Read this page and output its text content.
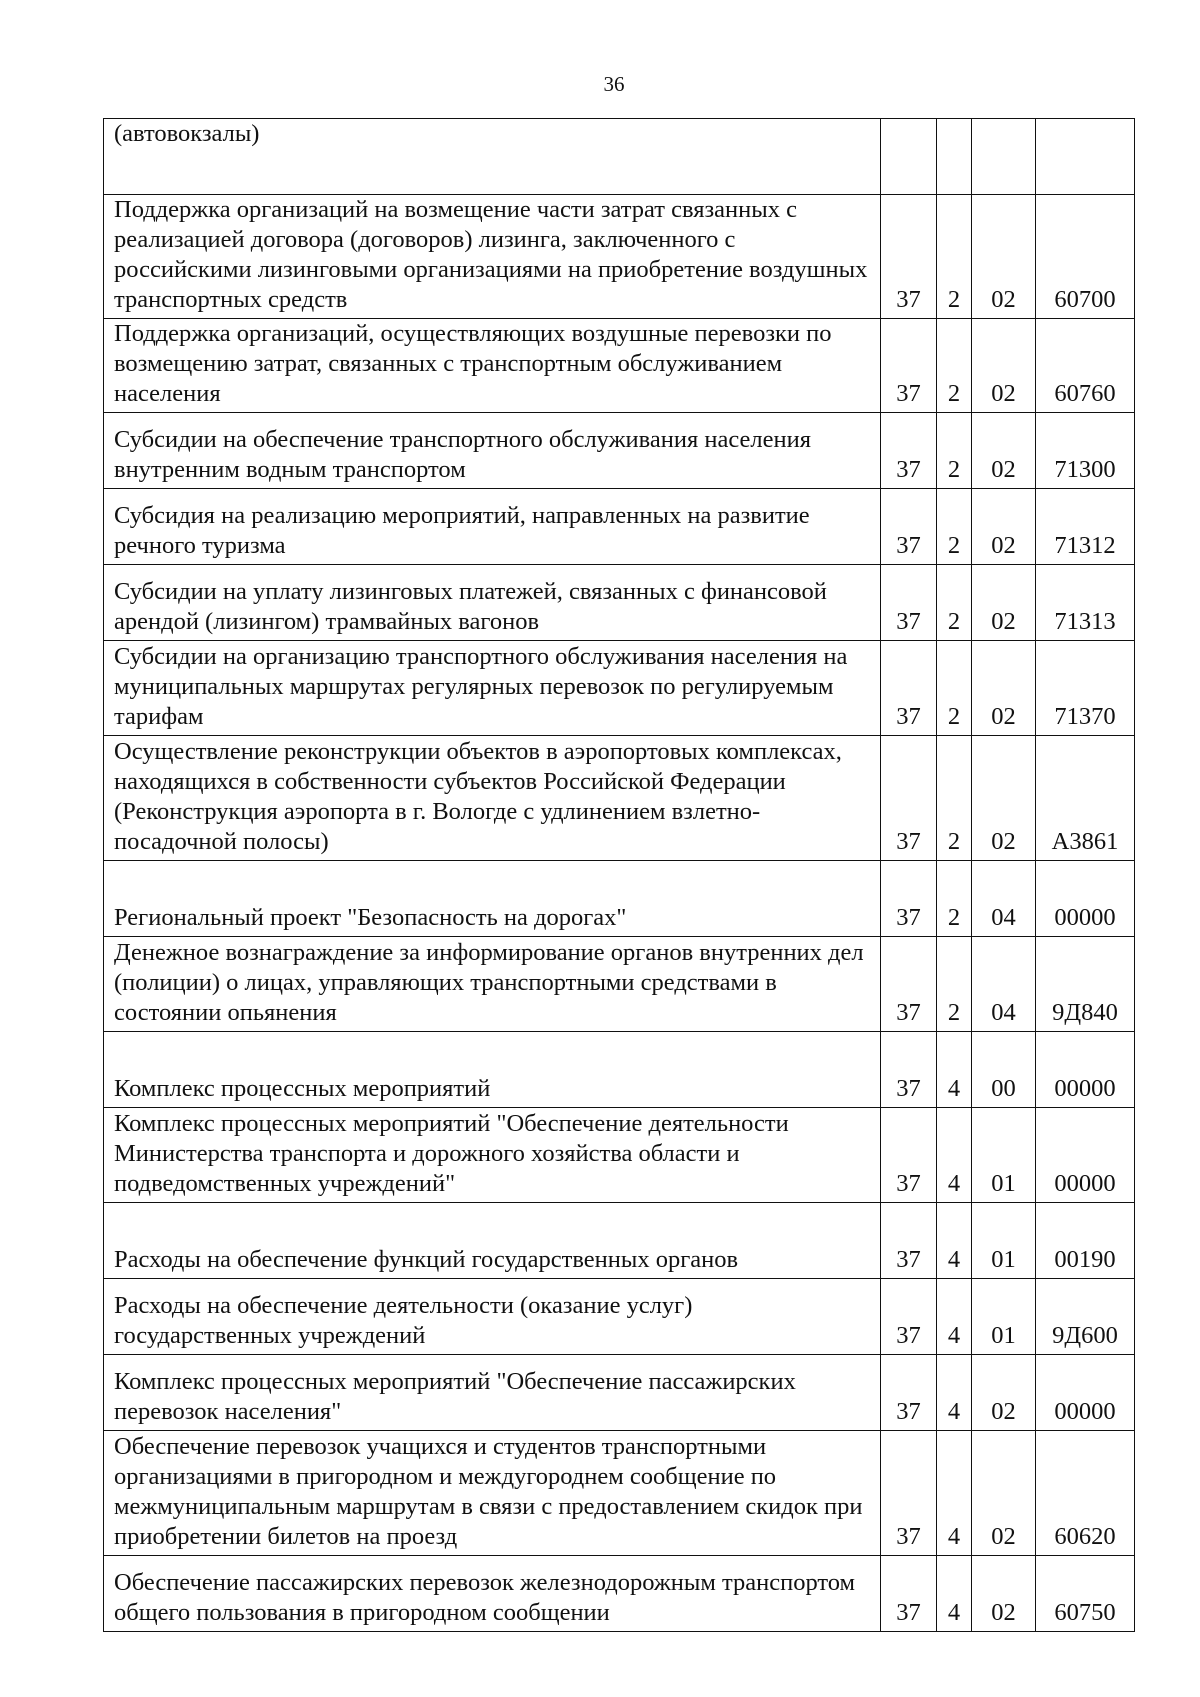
36
(автовокзалы)				
Поддержка организаций на возмещение части затрат связанных с реализацией договора (договоров) лизинга, заключенного с российскими лизинговыми организациями на приобретение воздушных транспортных средств	37	2	02	60700
Поддержка организаций, осуществляющих воздушные перевозки по возмещению затрат, связанных с транспортным обслуживанием населения	37	2	02	60760
Субсидии на обеспечение транспортного обслуживания населения внутренним водным транспортом	37	2	02	71300
Субсидия на реализацию мероприятий, направленных на развитие речного туризма	37	2	02	71312
Субсидии на уплату лизинговых платежей, связанных с финансовой арендой (лизингом) трамвайных вагонов	37	2	02	71313
Субсидии на организацию транспортного обслуживания населения на муниципальных маршрутах регулярных перевозок по регулируемым тарифам	37	2	02	71370
Осуществление реконструкции объектов в аэропортовых комплексах, находящихся в собственности субъектов Российской Федерации (Реконструкция аэропорта в г. Вологде с удлинением взлетно-посадочной полосы)	37	2	02	А3861
Региональный проект "Безопасность на дорогах"	37	2	04	00000
Денежное вознаграждение за информирование органов внутренних дел (полиции) о лицах, управляющих транспортными средствами в состоянии опьянения	37	2	04	9Д840
Комплекс процессных мероприятий	37	4	00	00000
Комплекс процессных мероприятий "Обеспечение деятельности Министерства транспорта и дорожного хозяйства области и подведомственных учреждений"	37	4	01	00000
Расходы на обеспечение функций государственных органов	37	4	01	00190
Расходы на обеспечение деятельности (оказание услуг) государственных учреждений	37	4	01	9Д600
Комплекс процессных мероприятий "Обеспечение пассажирских перевозок населения"	37	4	02	00000
Обеспечение перевозок учащихся и студентов транспортными организациями в пригородном и междугороднем сообщение по межмуниципальным маршрутам в связи с предоставлением скидок при приобретении билетов на проезд	37	4	02	60620
Обеспечение пассажирских перевозок железнодорожным транспортом общего пользования в пригородном сообщении	37	4	02	60750
